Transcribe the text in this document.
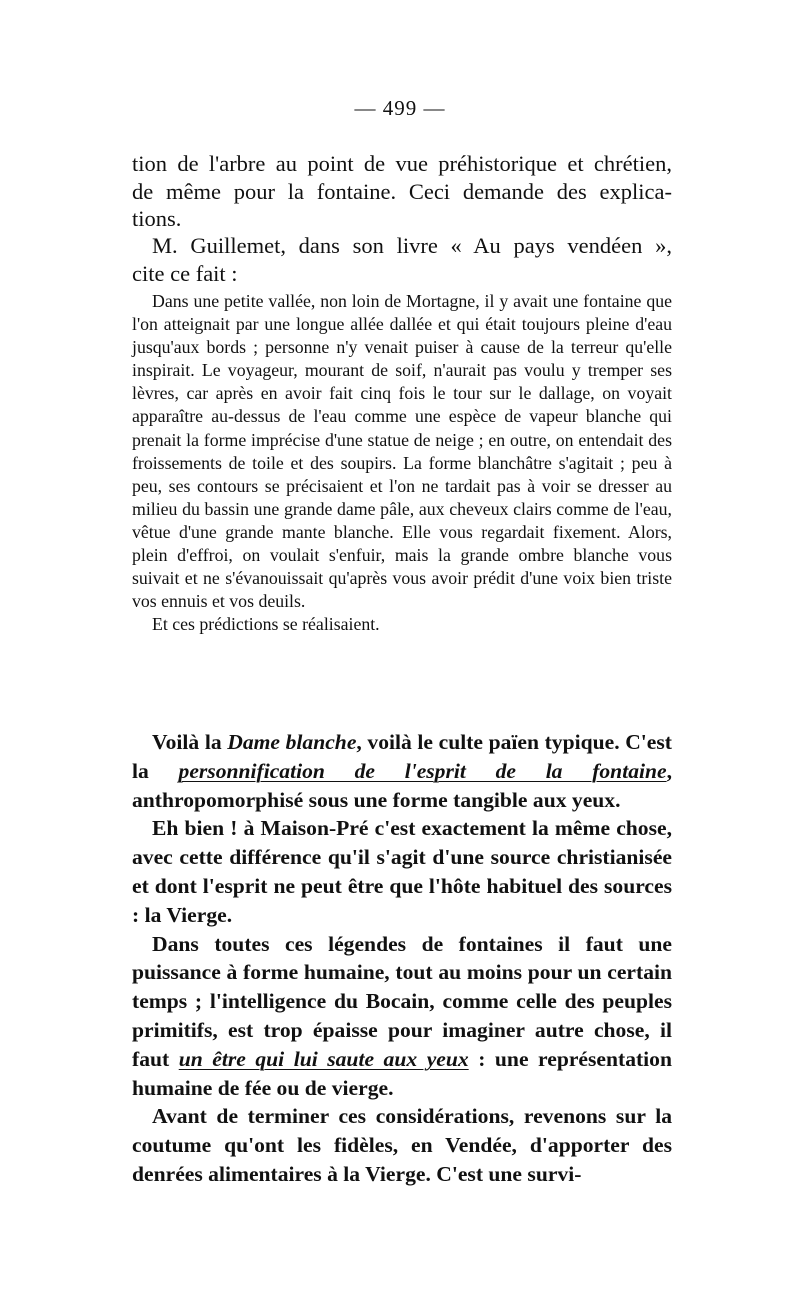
— 499 —
tion de l'arbre au point de vue préhistorique et chrétien,
de même pour la fontaine. Ceci demande des explica-
tions.
M. Guillemet, dans son livre « Au pays vendéen »,
cite ce fait :

Dans une petite vallée, non loin de Mortagne, il y avait une fontaine que l'on atteignait par une longue allée dallée et qui était toujours pleine d'eau jusqu'aux bords ; personne n'y venait puiser à cause de la terreur qu'elle inspirait. Le voyageur, mourant de soif, n'aurait pas voulu y tremper ses lèvres, car après en avoir fait cinq fois le tour sur le dallage, on voyait apparaître au-dessus de l'eau comme une espèce de vapeur blanche qui prenait la forme imprécise d'une statue de neige ; en outre, on entendait des froissements de toile et des soupirs. La forme blanchâtre s'agitait ; peu à peu, ses contours se précisaient et l'on ne tardait pas à voir se dresser au milieu du bassin une grande dame pâle, aux cheveux clairs comme de l'eau, vêtue d'une grande mante blanche. Elle vous regardait fixement. Alors, plein d'effroi, on voulait s'enfuir, mais la grande ombre blanche vous suivait et ne s'évanouissait qu'après vous avoir prédit d'une voix bien triste vos ennuis et vos deuils.

Et ces prédictions se réalisaient.

Voilà la Dame blanche, voilà le culte païen typique. C'est la personnification de l'esprit de la fontaine, anthropomorphisé sous une forme tangible aux yeux.

Eh bien ! à Maison-Pré c'est exactement la même chose, avec cette différence qu'il s'agit d'une source christianisée et dont l'esprit ne peut être que l'hôte habituel des sources : la Vierge.

Dans toutes ces légendes de fontaines il faut une puissance à forme humaine, tout au moins pour un certain temps ; l'intelligence du Bocain, comme celle des peuples primitifs, est trop épaisse pour imaginer autre chose, il faut un être qui lui saute aux yeux : une représentation humaine de fée ou de vierge.

Avant de terminer ces considérations, revenons sur la coutume qu'ont les fidèles, en Vendée, d'apporter des denrées alimentaires à la Vierge. C'est une survi-
